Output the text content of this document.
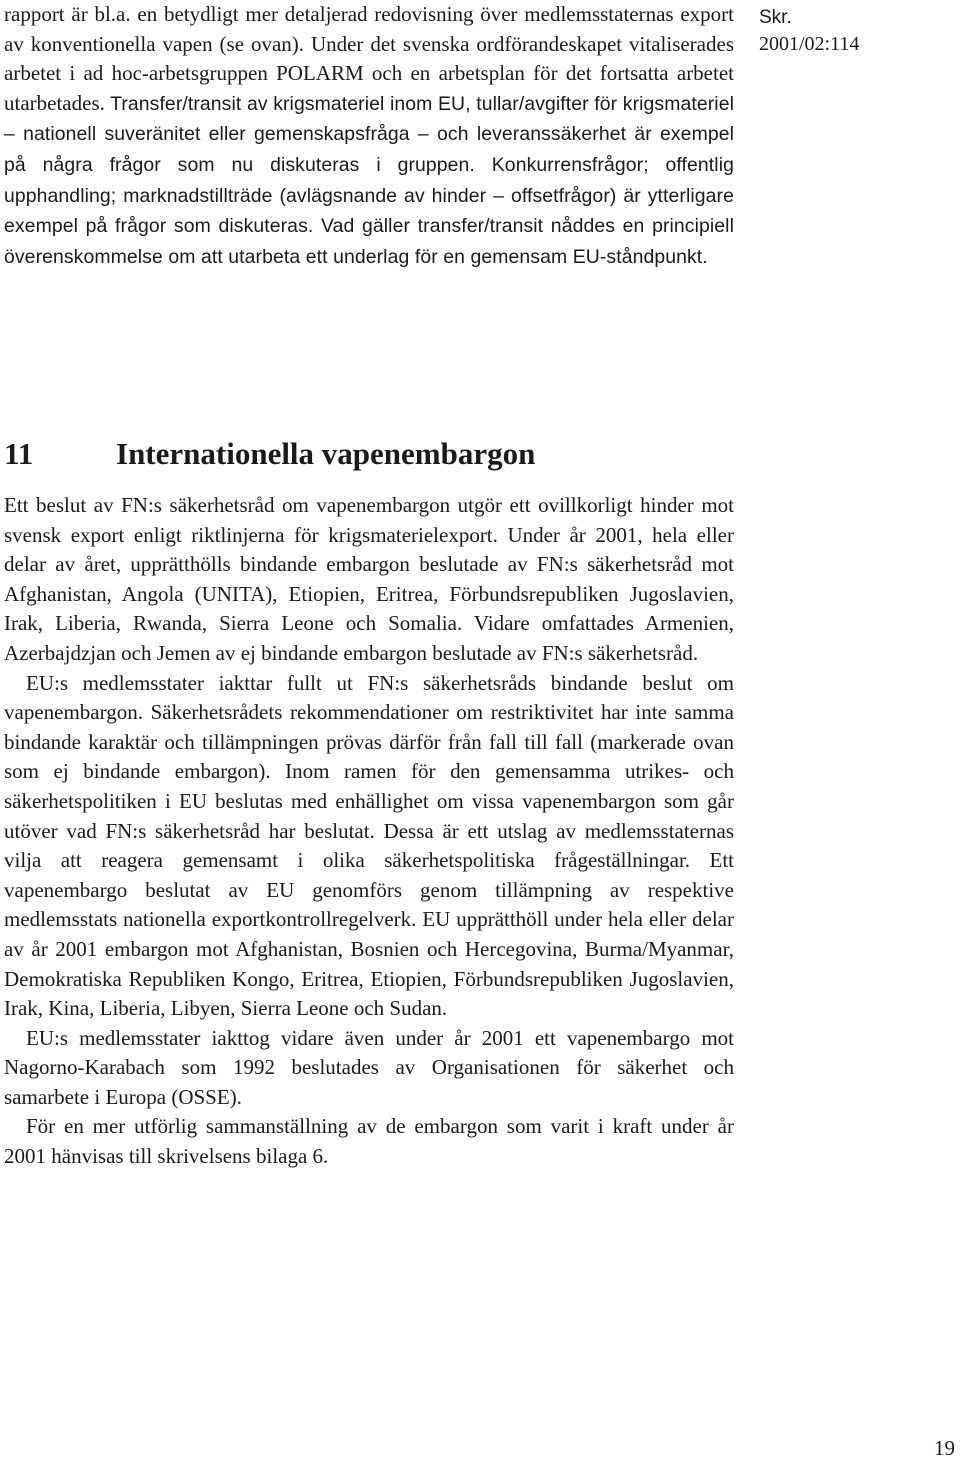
rapport är bl.a. en betydligt mer detaljerad redovisning över medlemsstaternas export av konventionella vapen (se ovan). Under det svenska ordförandeskapet vitaliserades arbetet i ad hoc-arbetsgruppen POLARM och en arbetsplan för det fortsatta arbetet utarbetades. Transfer/transit av krigsmateriel inom EU, tullar/avgifter för krigsmateriel – nationell suveränitet eller gemenskapsfråga – och leveranssäkerhet är exempel på några frågor som nu diskuteras i gruppen. Konkurrensfrågor; offentlig upphandling; marknadstillträde (avlägsnande av hinder – offsetfrågor) är ytterligare exempel på frågor som diskuteras. Vad gäller transfer/transit nåddes en principiell överenskommelse om att utarbeta ett underlag för en gemensam EU-ståndpunkt.

Skr.
2001/02:114
11	Internationella vapenembargon

Ett beslut av FN:s säkerhetsråd om vapenembargon utgör ett ovillkorligt hinder mot svensk export enligt riktlinjerna för krigsmaterielexport. Under år 2001, hela eller delar av året, upprätthölls bindande embargon beslutade av FN:s säkerhetsråd mot Afghanistan, Angola (UNITA), Etiopien, Eritrea, Förbundsrepubliken Jugoslavien, Irak, Liberia, Rwanda, Sierra Leone och Somalia. Vidare omfattades Armenien, Azerbajdzjan och Jemen av ej bindande embargon beslutade av FN:s säkerhetsråd.

EU:s medlemsstater iakttar fullt ut FN:s säkerhetsråds bindande beslut om vapenembargon. Säkerhetsrådets rekommendationer om restriktivitet har inte samma bindande karaktär och tillämpningen prövas därför från fall till fall (markerade ovan som ej bindande embargon). Inom ramen för den gemensamma utrikes- och säkerhetspolitiken i EU beslutas med enhällighet om vissa vapenembargon som går utöver vad FN:s säkerhetsråd har beslutat. Dessa är ett utslag av medlemsstaternas vilja att reagera gemensamt i olika säkerhetspolitiska frågeställningar. Ett vapenembargo beslutat av EU genomförs genom tillämpning av respektive medlemsstats nationella exportkontrollregelverk. EU upprätthöll under hela eller delar av år 2001 embargon mot Afghanistan, Bosnien och Hercegovina, Burma/Myanmar, Demokratiska Republiken Kongo, Eritrea, Etiopien, Förbundsrepubliken Jugoslavien, Irak, Kina, Liberia, Libyen, Sierra Leone och Sudan.

EU:s medlemsstater iakttog vidare även under år 2001 ett vapenembargo mot Nagorno-Karabach som 1992 beslutades av Organisationen för säkerhet och samarbete i Europa (OSSE).

För en mer utförlig sammanställning av de embargon som varit i kraft under år 2001 hänvisas till skrivelsens bilaga 6.

19
